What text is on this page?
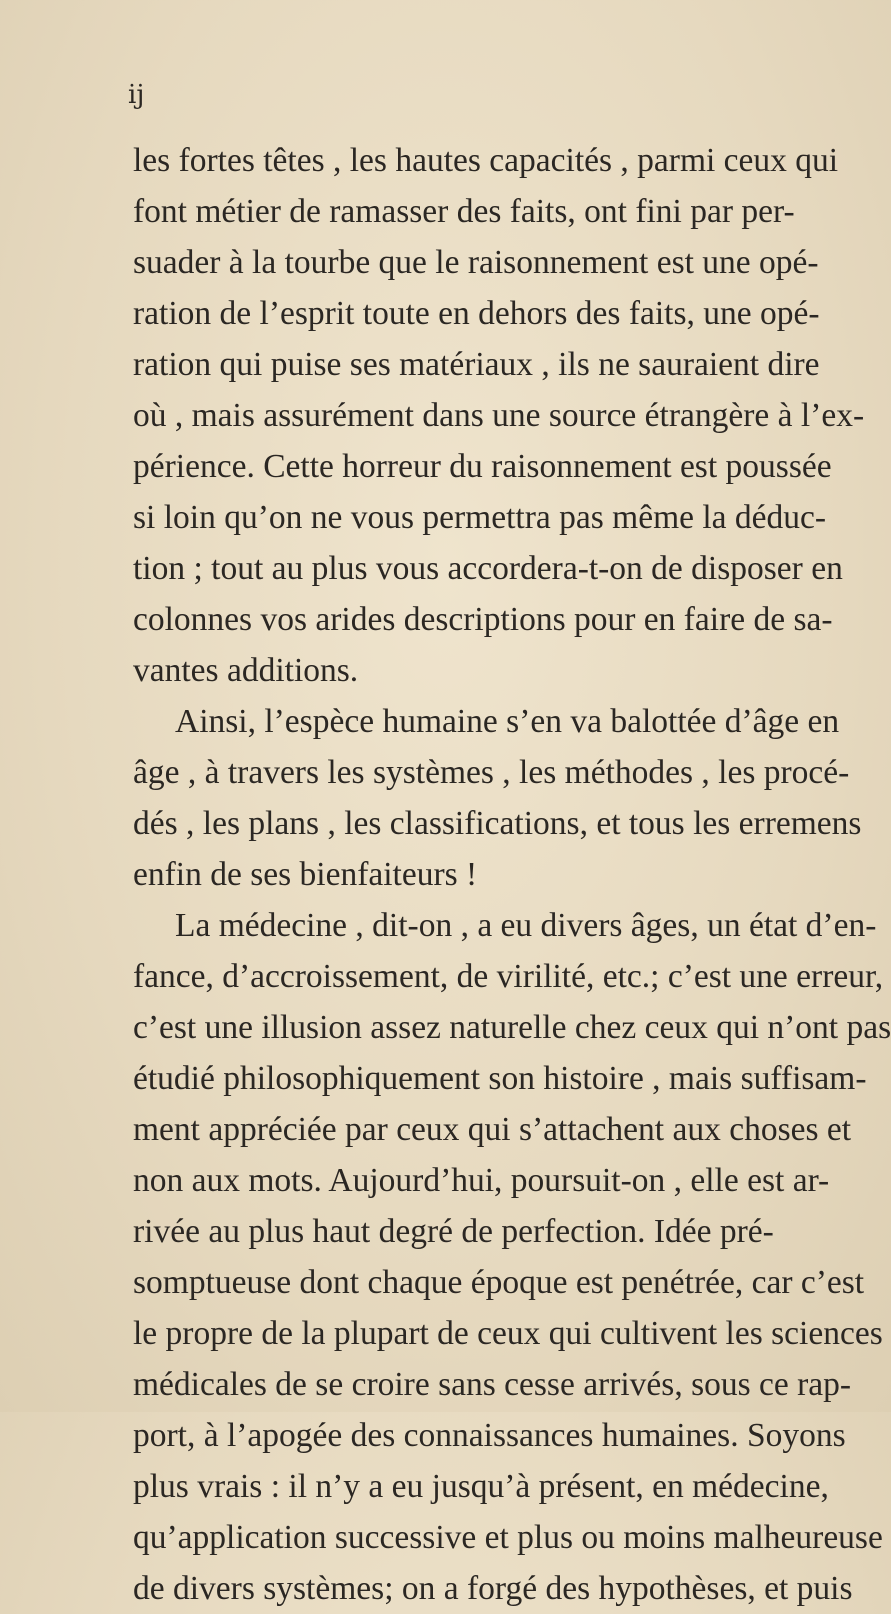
ij
les fortes têtes , les hautes capacités , parmi ceux qui
font métier de ramasser des faits, ont fini par per-
suader à la tourbe que le raisonnement est une opé-
ration de l’esprit toute en dehors des faits, une opé-
ration qui puise ses matériaux , ils ne sauraient dire
où , mais assurément dans une source étrangère à l’ex-
périence. Cette horreur du raisonnement est poussée
si loin qu’on ne vous permettra pas même la déduc-
tion ; tout au plus vous accordera-t-on de disposer en
colonnes vos arides descriptions pour en faire de sa-
vantes additions.
Ainsi, l’espèce humaine s’en va balottée d’âge en
âge , à travers les systèmes , les méthodes , les procé-
dés , les plans , les classifications, et tous les erremens
enfin de ses bienfaiteurs !
La médecine , dit-on , a eu divers âges, un état d’en-
fance, d’accroissement, de virilité, etc.; c’est une erreur,
c’est une illusion assez naturelle chez ceux qui n’ont pas
étudié philosophiquement son histoire , mais suffisam-
ment appréciée par ceux qui s’attachent aux choses et
non aux mots. Aujourd’hui, poursuit-on , elle est ar-
rivée au plus haut degré de perfection. Idée pré-
somptueuse dont chaque époque est penétrée, car c’est
le propre de la plupart de ceux qui cultivent les sciences
médicales de se croire sans cesse arrivés, sous ce rap-
port, à l’apogée des connaissances humaines. Soyons
plus vrais : il n’y a eu jusqu’à présent, en médecine,
qu’application successive et plus ou moins malheureuse
de divers systèmes; on a forgé des hypothèses, et puis
